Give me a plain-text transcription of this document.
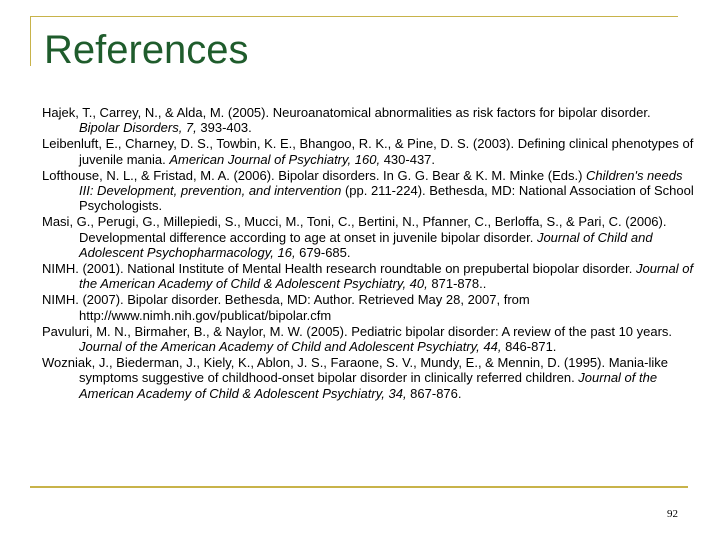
References
Hajek, T., Carrey, N., & Alda, M. (2005). Neuroanatomical abnormalities as risk factors for bipolar disorder. Bipolar Disorders, 7, 393-403.
Leibenluft, E., Charney, D. S., Towbin, K. E., Bhangoo, R. K., & Pine, D. S. (2003). Defining clinical phenotypes of juvenile mania. American Journal of Psychiatry, 160, 430-437.
Lofthouse, N. L., & Fristad, M. A. (2006). Bipolar disorders. In G. G. Bear & K. M. Minke (Eds.) Children's needs III: Development, prevention, and intervention (pp. 211-224). Bethesda, MD: National Association of School Psychologists.
Masi, G., Perugi, G., Millepiedi, S., Mucci, M., Toni, C., Bertini, N., Pfanner, C., Berloffa, S., & Pari, C. (2006). Developmental difference according to age at onset in juvenile bipolar disorder. Journal of Child and Adolescent Psychopharmacology, 16, 679-685.
NIMH. (2001). National Institute of Mental Health research roundtable on prepubertal biopolar disorder. Journal of the American Academy of Child & Adolescent Psychiatry, 40, 871-878..
NIMH. (2007). Bipolar disorder. Bethesda, MD: Author. Retrieved May 28, 2007, from http://www.nimh.nih.gov/publicat/bipolar.cfm
Pavuluri, M. N., Birmaher, B., & Naylor, M. W. (2005). Pediatric bipolar disorder: A review of the past 10 years. Journal of the American Academy of Child and Adolescent Psychiatry, 44, 846-871.
Wozniak, J., Biederman, J., Kiely, K., Ablon, J. S., Faraone, S. V., Mundy, E., & Mennin, D. (1995). Mania-like symptoms suggestive of childhood-onset bipolar disorder in clinically referred children. Journal of the American Academy of Child & Adolescent Psychiatry, 34, 867-876.
92
